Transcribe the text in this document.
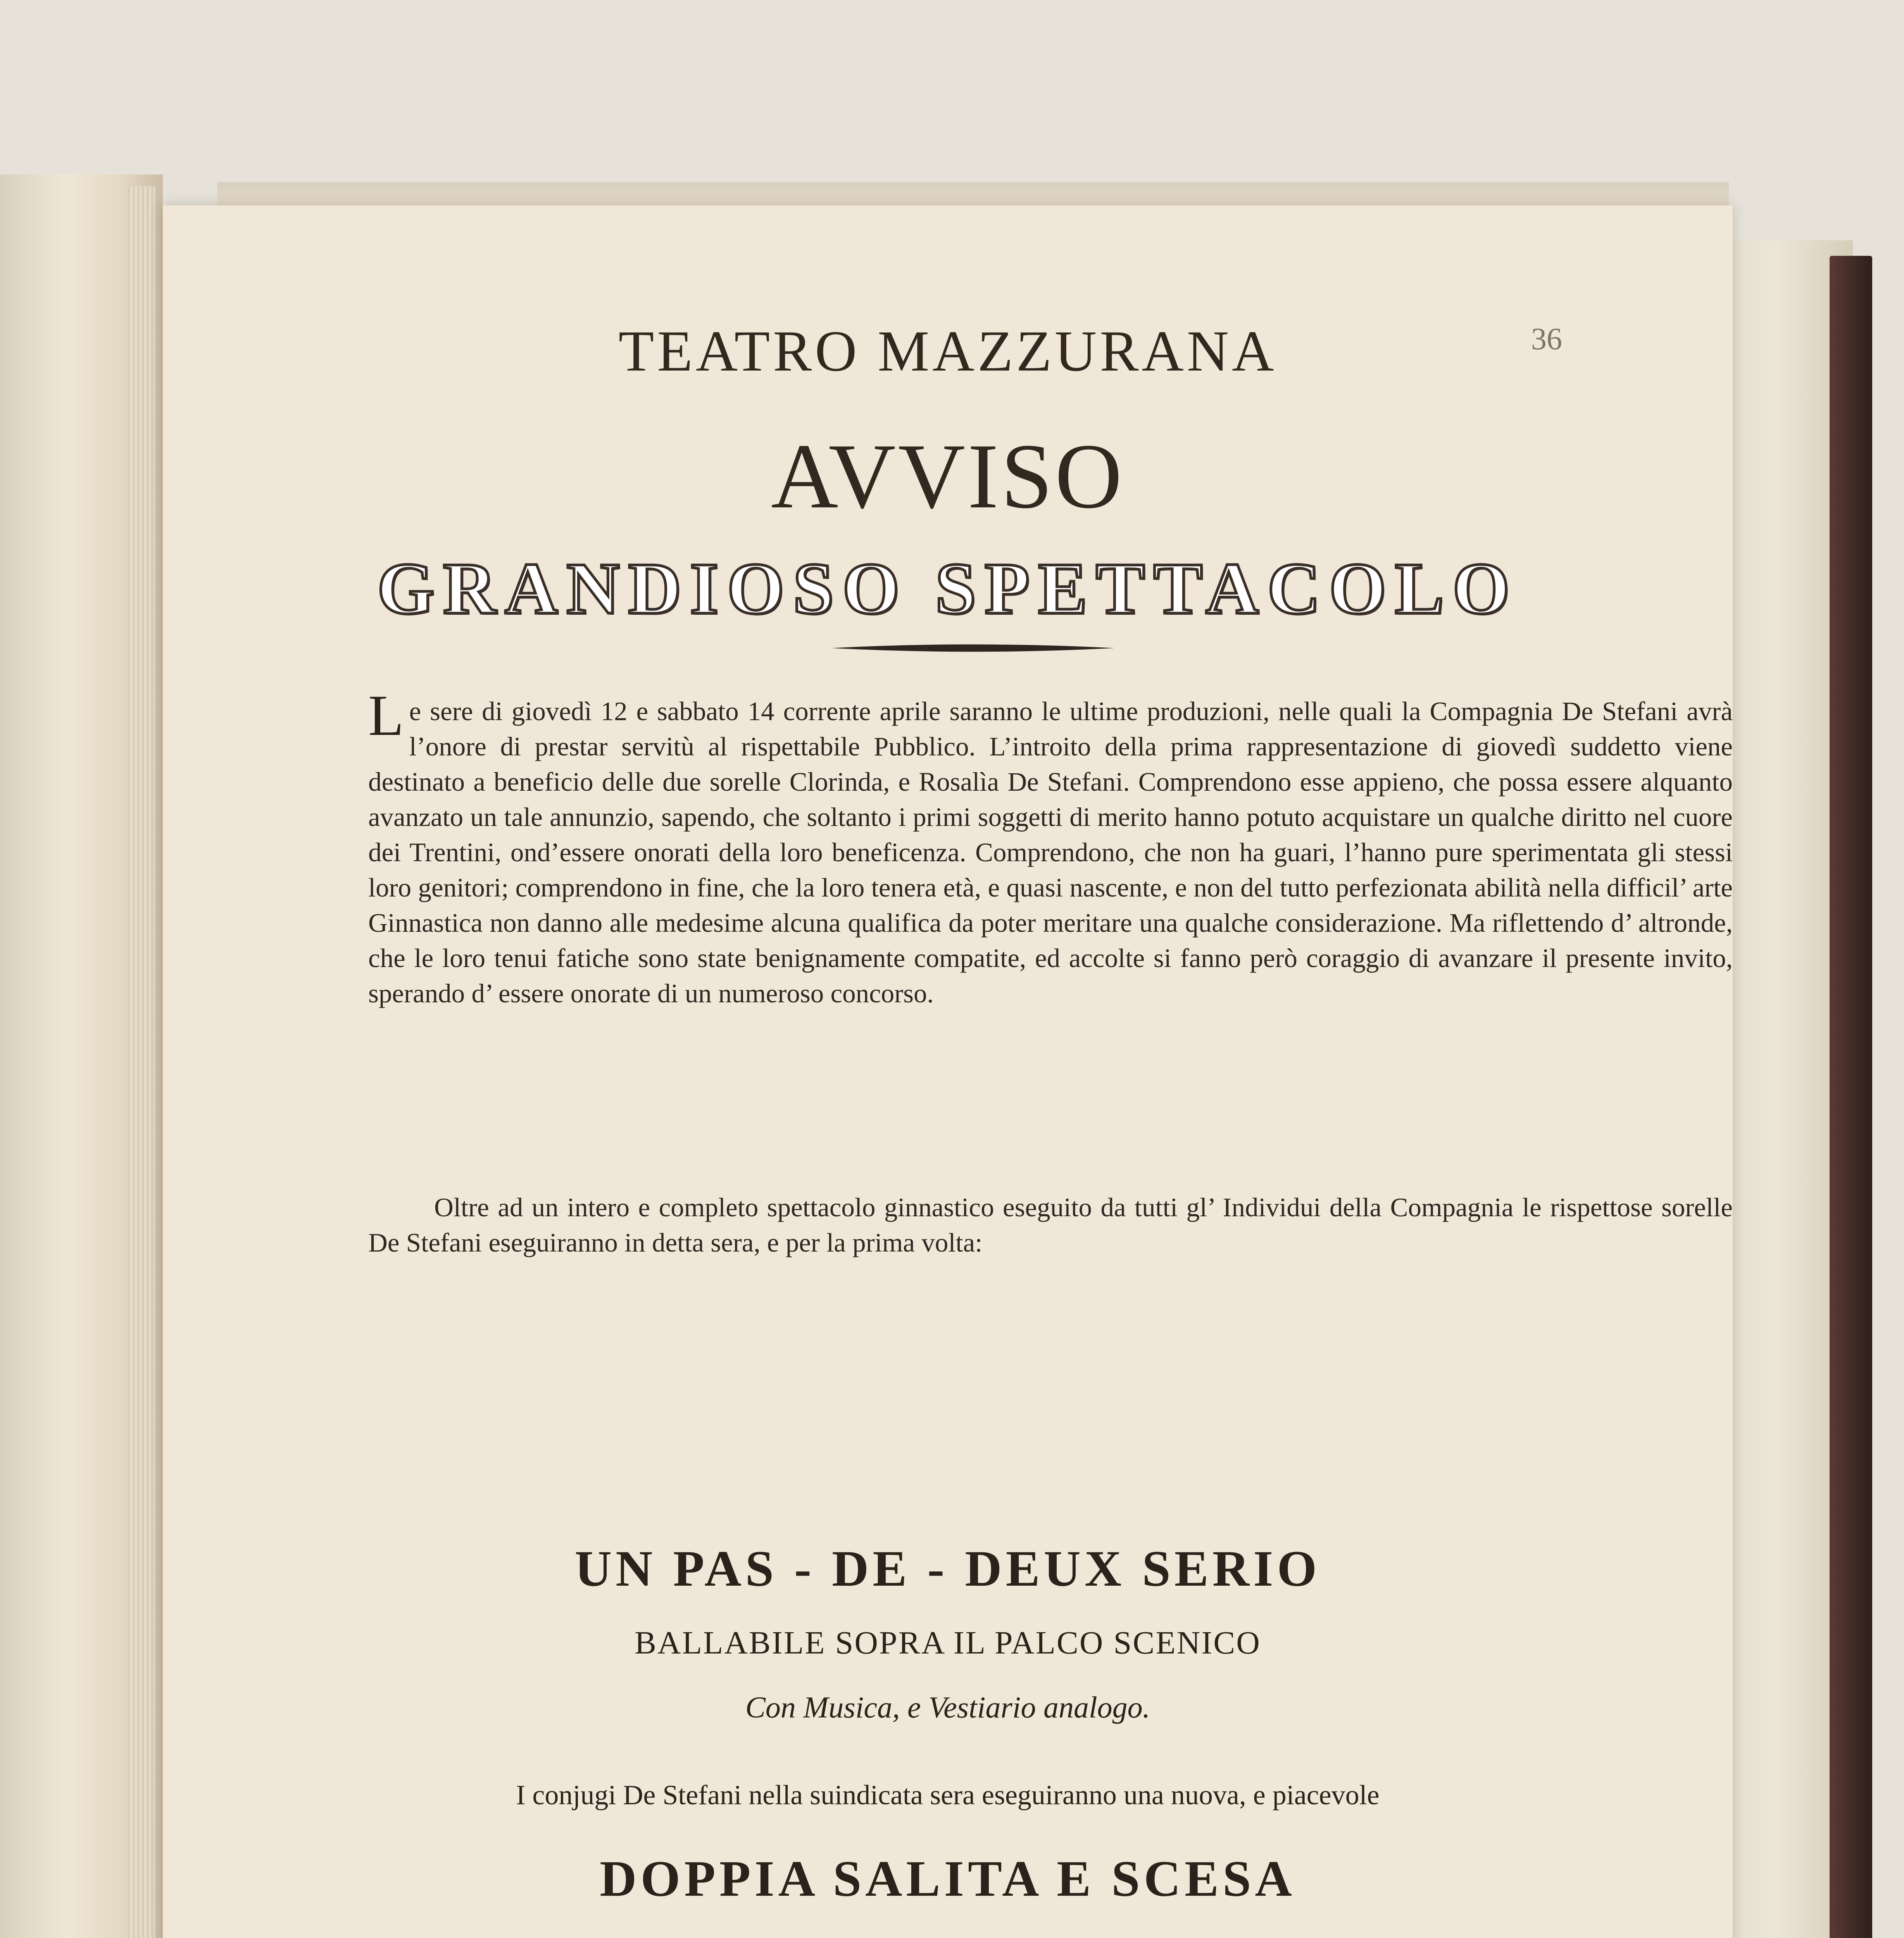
36
TEATRO MAZZURANA
AVVISO
GRANDIOSO SPETTACOLO
Le sere di giovedì 12 e sabbato 14 corrente aprile saranno le ultime produzioni, nelle quali la Compagnia De Stefani avrà l’onore di prestar servitù al rispettabile Pubblico. L’introito della prima rappresentazione di giovedì suddetto viene destinato a beneficio delle due sorelle Clorinda, e Rosalìa De Stefani. Comprendono esse appieno, che possa essere alquanto avanzato un tale annunzio, sapendo, che soltanto i primi soggetti di merito hanno potuto acquistare un qualche diritto nel cuore dei Trentini, ond’essere onorati della loro beneficenza. Comprendono, che non ha guari, l’hanno pure sperimentata gli stessi loro genitori; comprendono in fine, che la loro tenera età, e quasi nascente, e non del tutto perfezionata abilità nella difficil’ arte Ginnastica non danno alle medesime alcuna qualifica da poter meritare una qualche considerazione. Ma riflettendo d’ altronde, che le loro tenui fatiche sono state benignamente compatite, ed accolte si fanno però coraggio di avanzare il presente invito, sperando d’ essere onorate di un numeroso concorso.
Oltre ad un intero e completo spettacolo ginnastico eseguito da tutti gl’ Individui della Compagnia le rispettose sorelle De Stefani eseguiranno in detta sera, e per la prima volta:
UN PAS - DE - DEUX SERIO
BALLABILE SOPRA IL PALCO SCENICO
Con Musica, e Vestiario analogo.
I conjugi De Stefani nella suindicata sera eseguiranno una nuova, e piacevole
DOPPIA SALITA E SCESA
